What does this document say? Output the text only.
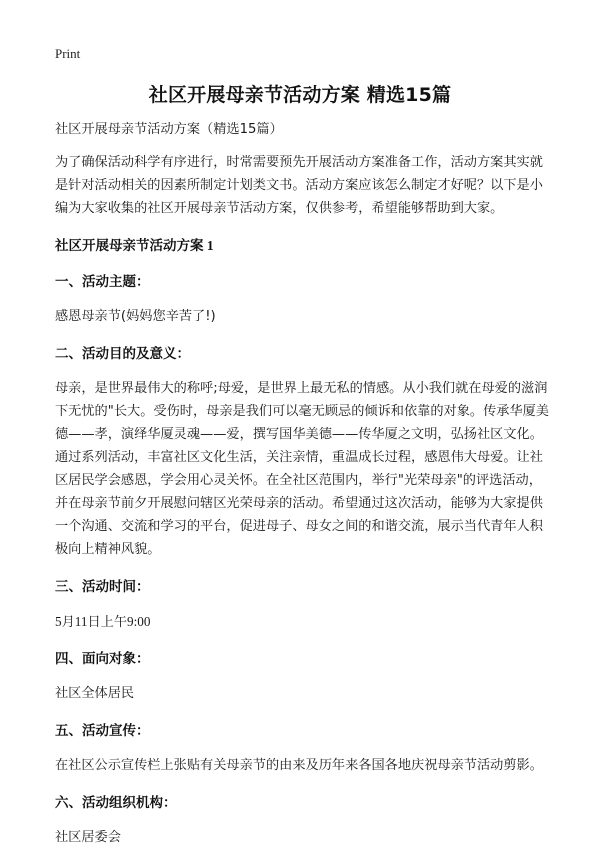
Print
社区开展母亲节活动方案 精选15篇

社区开展母亲节活动方案（精选15篇）

为了确保活动科学有序进行，时常需要预先开展活动方案准备工作，活动方案其实就是针对活动相关的因素所制定计划类文书。活动方案应该怎么制定才好呢？以下是小编为大家收集的社区开展母亲节活动方案，仅供参考，希望能够帮助到大家。

社区开展母亲节活动方案 1

一、活动主题：

感恩母亲节(妈妈您辛苦了!)

二、活动目的及意义：

母亲，是世界最伟大的称呼;母爱，是世界上最无私的情感。从小我们就在母爱的滋润下无忧的"长大。受伤时，母亲是我们可以毫无顾忌的倾诉和依靠的对象。传承华厦美德——孝，演绎华厦灵魂——爱，撰写国华美德——传华厦之文明，弘扬社区文化。通过系列活动，丰富社区文化生活，关注亲情，重温成长过程，感恩伟大母爱。让社区居民学会感恩，学会用心灵关怀。在全社区范围内，举行"光荣母亲"的评选活动，并在母亲节前夕开展慰问辖区光荣母亲的活动。希望通过这次活动，能够为大家提供一个沟通、交流和学习的平台，促进母子、母女之间的和谐交流，展示当代青年人积极向上精神风貌。

三、活动时间：

5月11日上午9:00

四、面向对象：

社区全体居民

五、活动宣传：

在社区公示宣传栏上张贴有关母亲节的由来及历年来各国各地庆祝母亲节活动剪影。

六、活动组织机构：

社区居委会
